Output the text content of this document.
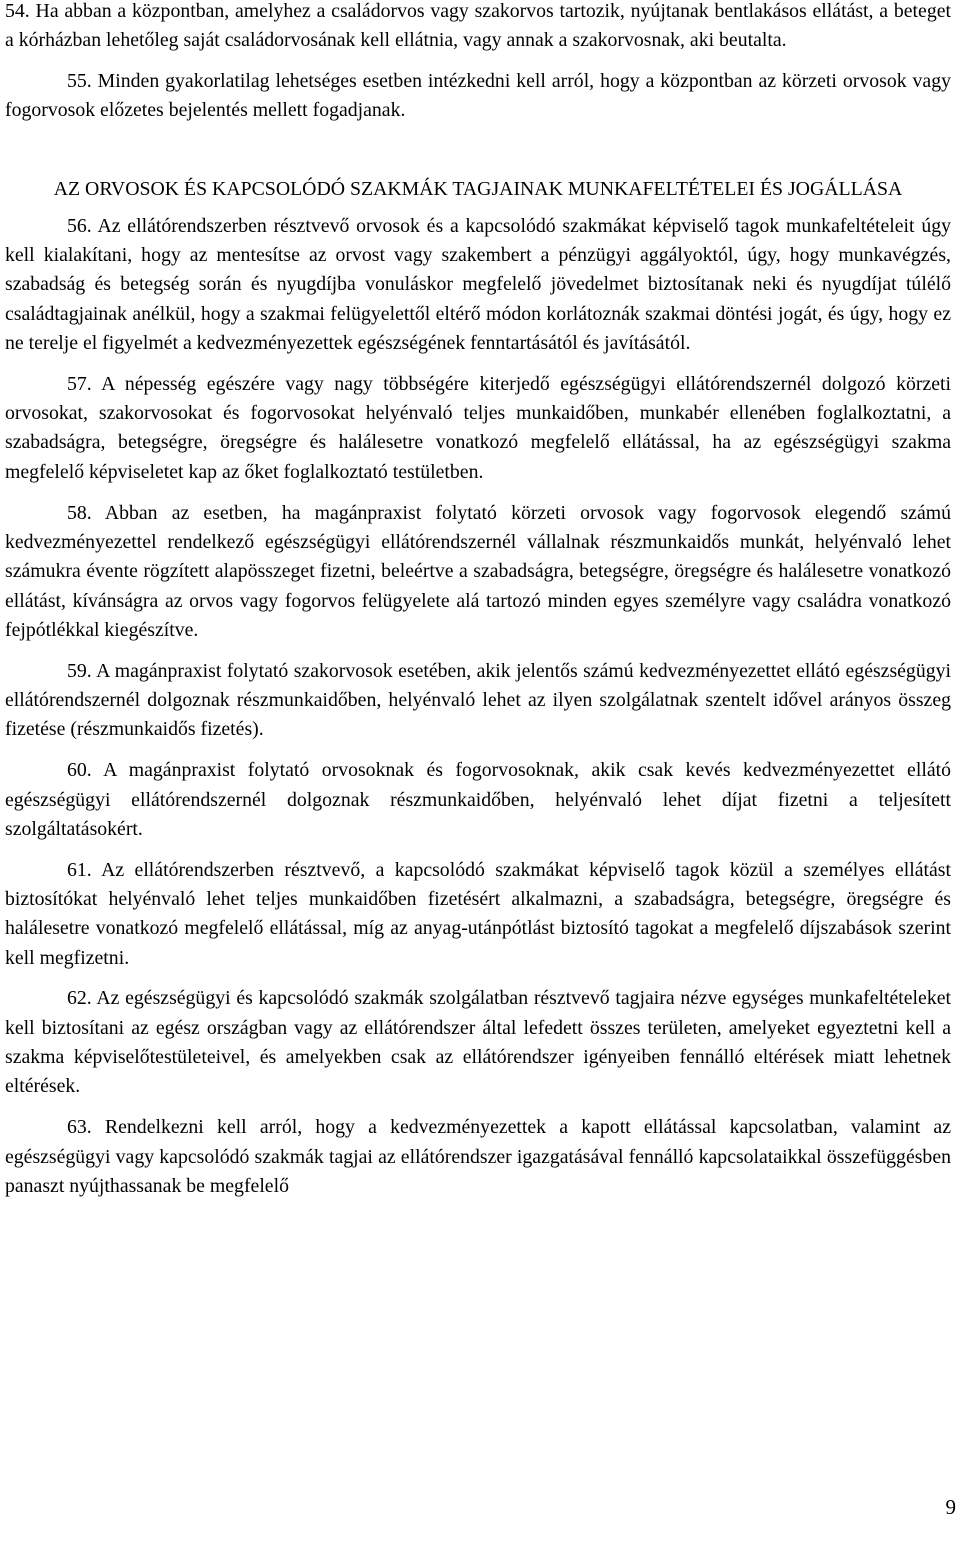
54. Ha abban a központban, amelyhez a családorvos vagy szakorvos tartozik, nyújtanak bentlakásos ellátást, a beteget a kórházban lehetőleg saját családorvosának kell ellátnia, vagy annak a szakorvosnak, aki beutalta.

55. Minden gyakorlatilag lehetséges esetben intézkedni kell arról, hogy a központban az körzeti orvosok vagy fogorvosok előzetes bejelentés mellett fogadjanak.

AZ ORVOSOK ÉS KAPCSOLÓDÓ SZAKMÁK TAGJAINAK MUNKAFELTÉTELEI ÉS JOGÁLLÁSA

56. Az ellátórendszerben résztvevő orvosok és a kapcsolódó szakmákat képviselő tagok munkafeltételeit úgy kell kialakítani, hogy az mentesítse az orvost vagy szakembert a pénzügyi aggályoktól, úgy, hogy munkavégzés, szabadság és betegség során és nyugdíjba vonuláskor megfelelő jövedelmet biztosítanak neki és nyugdíjat túlélő családtagjainak anélkül, hogy a szakmai felügyelettől eltérő módon korlátoznák szakmai döntési jogát, és úgy, hogy ez ne terelje el figyelmét a kedvezményezettek egészségének fenntartásától és javításától.

57. A népesség egészére vagy nagy többségére kiterjedő egészségügyi ellátórendszernél dolgozó körzeti orvosokat, szakorvosokat és fogorvosokat helyénvaló teljes munkaidőben, munkabér ellenében foglalkoztatni, a szabadságra, betegségre, öregségre és halálesetre vonatkozó megfelelő ellátással, ha az egészségügyi szakma megfelelő képviseletet kap az őket foglalkoztató testületben.

58. Abban az esetben, ha magánpraxist folytató körzeti orvosok vagy fogorvosok elegendő számú kedvezményezettel rendelkező egészségügyi ellátórendszernél vállalnak részmunkaidős munkát, helyénvaló lehet számukra évente rögzített alapösszeget fizetni, beleértve a szabadságra, betegségre, öregségre és halálesetre vonatkozó ellátást, kívánságra az orvos vagy fogorvos felügyelete alá tartozó minden egyes személyre vagy családra vonatkozó fejpótlékkal kiegészítve.

59. A magánpraxist folytató szakorvosok esetében, akik jelentős számú kedvezményezettet ellátó egészségügyi ellátórendszernél dolgoznak részmunkaidőben, helyénvaló lehet az ilyen szolgálatnak szentelt idővel arányos összeg fizetése (részmunkaidős fizetés).

60. A magánpraxist folytató orvosoknak és fogorvosoknak, akik csak kevés kedvezményezettet ellátó egészségügyi ellátórendszernél dolgoznak részmunkaidőben, helyénvaló lehet díjat fizetni a teljesített szolgáltatásokért.

61. Az ellátórendszerben résztvevő, a kapcsolódó szakmákat képviselő tagok közül a személyes ellátást biztosítókat helyénvaló lehet teljes munkaidőben fizetésért alkalmazni, a szabadságra, betegségre, öregségre és halálesetre vonatkozó megfelelő ellátással, míg az anyag-utánpótlást biztosító tagokat a megfelelő díjszabások szerint kell megfizetni.

62. Az egészségügyi és kapcsolódó szakmák szolgálatban résztvevő tagjaira nézve egységes munkafeltételeket kell biztosítani az egész országban vagy az ellátórendszer által lefedett összes területen, amelyeket egyeztetni kell a szakma képviselőtestületeivel, és amelyekben csak az ellátórendszer igényeiben fennálló eltérések miatt lehetnek eltérések.

63. Rendelkezni kell arról, hogy a kedvezményezettek a kapott ellátással kapcsolatban, valamint az egészségügyi vagy kapcsolódó szakmák tagjai az ellátórendszer igazgatásával fennálló kapcsolataikkal összefüggésben panaszt nyújthassanak be megfelelő

9
